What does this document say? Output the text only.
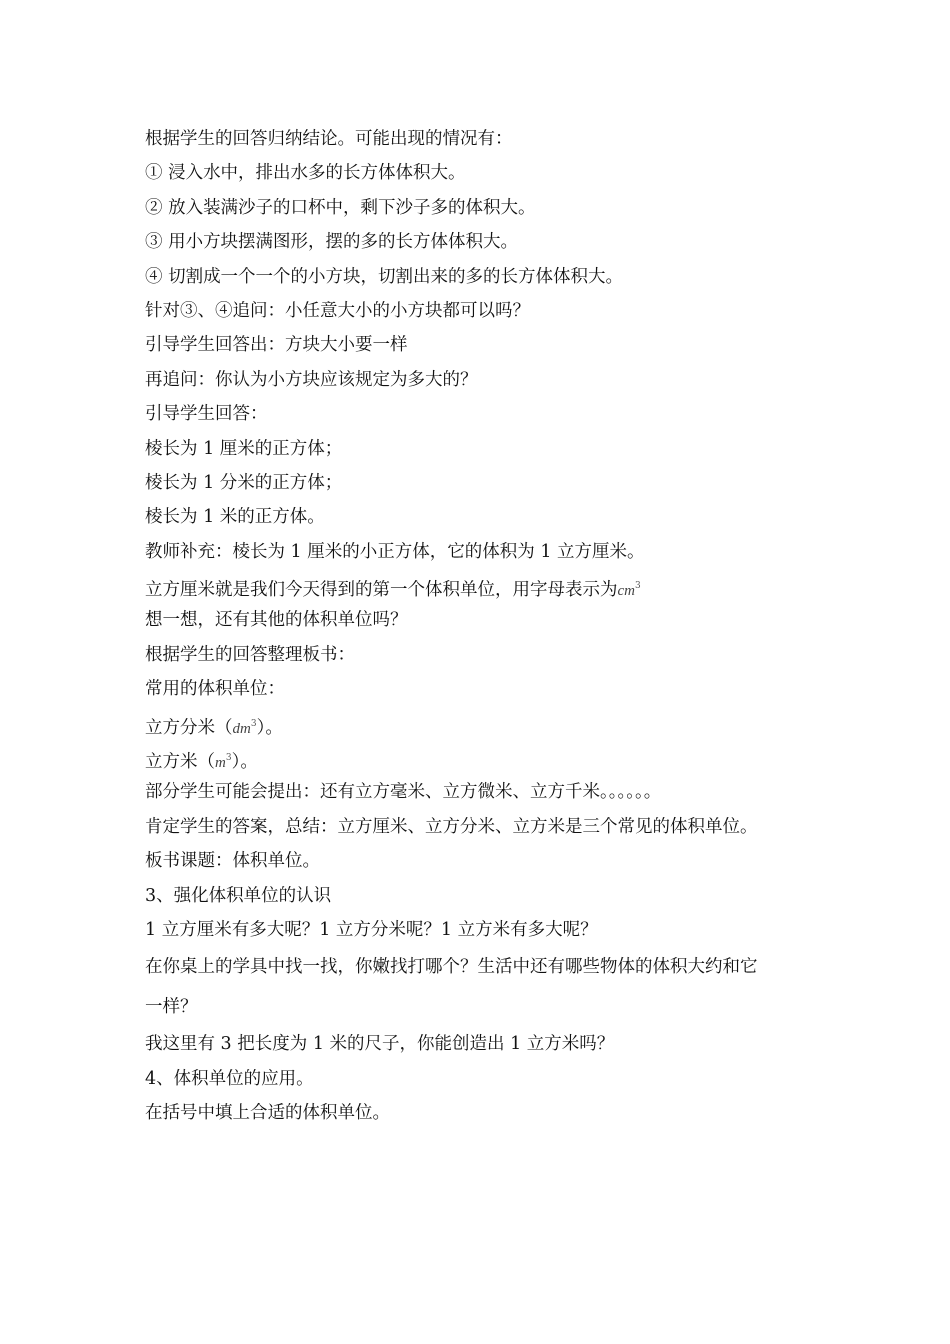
根据学生的回答归纳结论。可能出现的情况有：
① 浸入水中，排出水多的长方体体积大。
② 放入装满沙子的口杯中，剩下沙子多的体积大。
③ 用小方块摆满图形，摆的多的长方体体积大。
④ 切割成一个一个的小方块，切割出来的多的长方体体积大。
针对③、④追问：小任意大小的小方块都可以吗？
引导学生回答出：方块大小要一样
再追问：你认为小方块应该规定为多大的？
引导学生回答：
棱长为 1 厘米的正方体；
棱长为 1 分米的正方体；
棱长为 1 米的正方体。
教师补充：棱长为 1 厘米的小正方体，它的体积为 1 立方厘米。
立方厘米就是我们今天得到的第一个体积单位，用字母表示为$cm^3$
想一想，还有其他的体积单位吗？
根据学生的回答整理板书：
常用的体积单位：
立方分米$(dm^3)$。
立方米$(m^3)$。
部分学生可能会提出：还有立方毫米、立方微米、立方千米。。。。。。
肯定学生的答案，总结：立方厘米、立方分米、立方米是三个常见的体积单位。
板书课题：体积单位。
3、强化体积单位的认识
1 立方厘米有多大呢？1 立方分米呢？1 立方米有多大呢？
在你桌上的学具中找一找，你嫩找打哪个？生活中还有哪些物体的体积大约和它
一样？
我这里有 3 把长度为 1 米的尺子，你能创造出 1 立方米吗？
4、体积单位的应用。
在括号中填上合适的体积单位。
